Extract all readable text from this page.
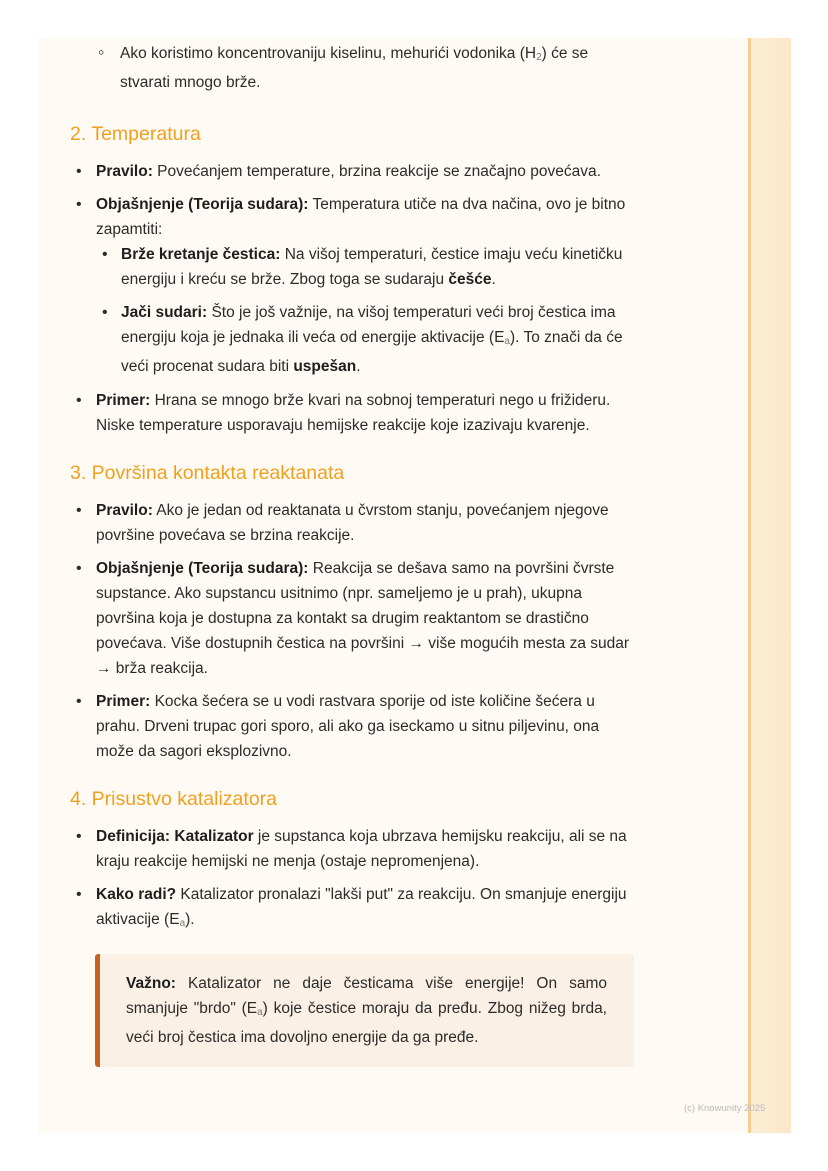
◦ Ako koristimo koncentrovaniju kiselinu, mehurići vodonika $(H_2)$ će se stvarati mnogo brže.
2. Temperatura
• Pravilo: Povećanjem temperature, brzina reakcije se značajno povećava.
• Objašnjenje (Teorija sudara): Temperatura utiče na dva načina, ovo je bitno zapamtiti:
• Brže kretanje čestica: Na višoj temperaturi, čestice imaju veću kinetičku energiju i kreću se brže. Zbog toga se sudaraju češće.
• Jači sudari: Što je još važnije, na višoj temperaturi veći broj čestica ima energiju koja je jednaka ili veća od energije aktivacije $(E_a)$. To znači da će veći procenat sudara biti uspešan.
• Primer: Hrana se mnogo brže kvari na sobnoj temperaturi nego u frižideru. Niske temperature usporavaju hemijske reakcije koje izazivaju kvarenje.
3. Površina kontakta reaktanata
• Pravilo: Ako je jedan od reaktanata u čvrstom stanju, povećanjem njegove površine povećava se brzina reakcije.
• Objašnjenje (Teorija sudara): Reakcija se dešava samo na površini čvrste supstance. Ako supstancu usitnimo (npr. sameljemo je u prah), ukupna površina koja je dostupna za kontakt sa drugim reaktantom se drastično povećava. Više dostupnih čestica na površini → više mogućih mesta za sudar → brža reakcija.
• Primer: Kocka šećera se u vodi rastvara sporije od iste količine šećera u prahu. Drveni trupac gori sporo, ali ako ga iseckamo u sitnu piljevinu, ona može da sagori eksplozivno.
4. Prisustvo katalizatora
• Definicija: Katalizator je supstanca koja ubrzava hemijsku reakciju, ali se na kraju reakcije hemijski ne menja (ostaje nepromenjena).
• Kako radi? Katalizator pronalazi "lakši put" za reakciju. On smanjuje energiju aktivacije $(E_a)$.
Važno: Katalizator ne daje česticama više energije! On samo smanjuje "brdo" $(E_a)$ koje čestice moraju da pređu. Zbog nižeg brda, veći broj čestica ima dovoljno energije da ga pređe.
(c) Knowunity 2025
